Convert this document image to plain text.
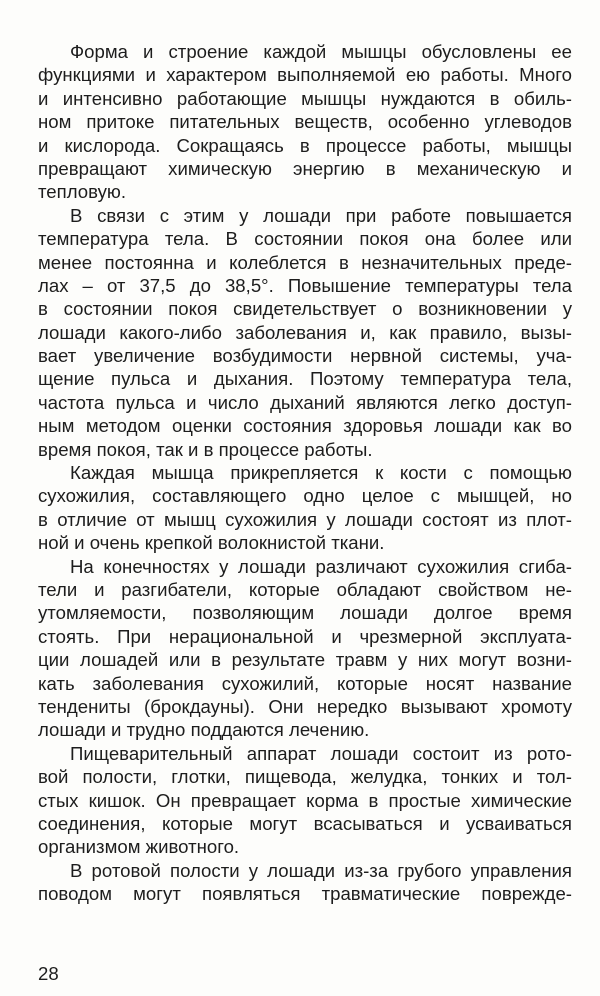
Форма и строение каждой мышцы обусловлены ее
функциями и характером выполняемой ею работы. Много
и интенсивно работающие мышцы нуждаются в обиль-
ном притоке питательных веществ, особенно углеводов
и кислорода. Сокращаясь в процессе работы, мышцы
превращают химическую энергию в механическую и
тепловую.
В связи с этим у лошади при работе повышается
температура тела. В состоянии покоя она более или
менее постоянна и колеблется в незначительных преде-
лах – от 37,5 до 38,5°. Повышение температуры тела
в состоянии покоя свидетельствует о возникновении у
лошади какого-либо заболевания и, как правило, вызы-
вает увеличение возбудимости нервной системы, уча-
щение пульса и дыхания. Поэтому температура тела,
частота пульса и число дыханий являются легко доступ-
ным методом оценки состояния здоровья лошади как во
время покоя, так и в процессе работы.
Каждая мышца прикрепляется к кости с помощью
сухожилия, составляющего одно целое с мышцей, но
в отличие от мышц сухожилия у лошади состоят из плот-
ной и очень крепкой волокнистой ткани.
На конечностях у лошади различают сухожилия сгиба-
тели и разгибатели, которые обладают свойством не-
утомляемости, позволяющим лошади долгое время
стоять. При нерациональной и чрезмерной эксплуата-
ции лошадей или в результате травм у них могут возни-
кать заболевания сухожилий, которые носят название
тендениты (брокдауны). Они нередко вызывают хромоту
лошади и трудно поддаются лечению.
Пищеварительный аппарат лошади состоит из рото-
вой полости, глотки, пищевода, желудка, тонких и тол-
стых кишок. Он превращает корма в простые химические
соединения, которые могут всасываться и усваиваться
организмом животного.
В ротовой полости у лошади из-за грубого управления
поводом могут появляться травматические поврежде-
28
